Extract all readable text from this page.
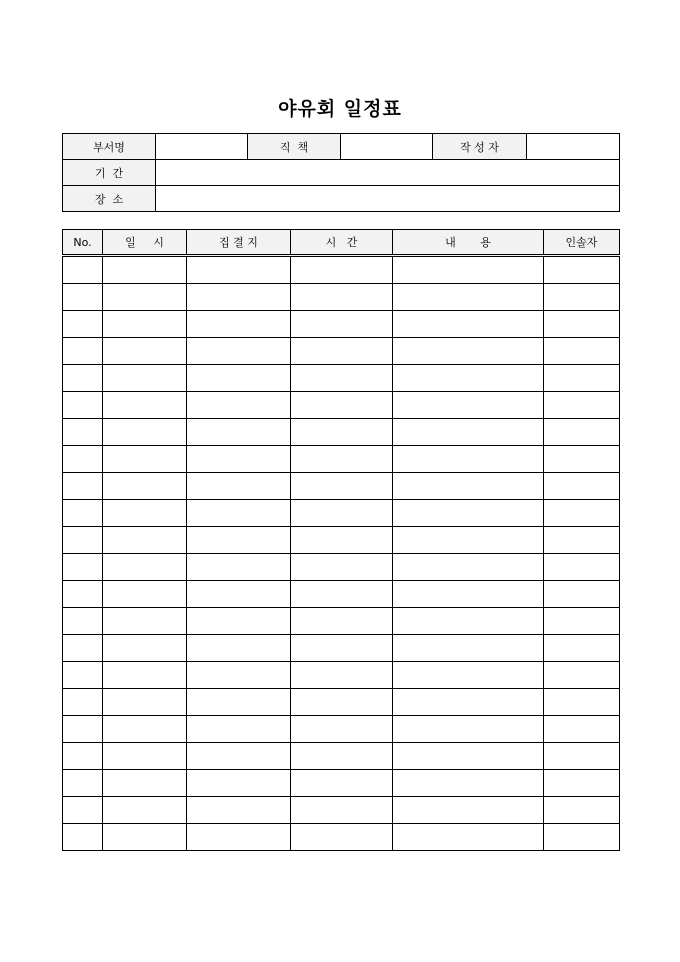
야유회 일정표
부서명		직  책		작 성 자	
기  간					
장  소					
No.	일     시	집 결 지	시   간	내       용	인솔자
